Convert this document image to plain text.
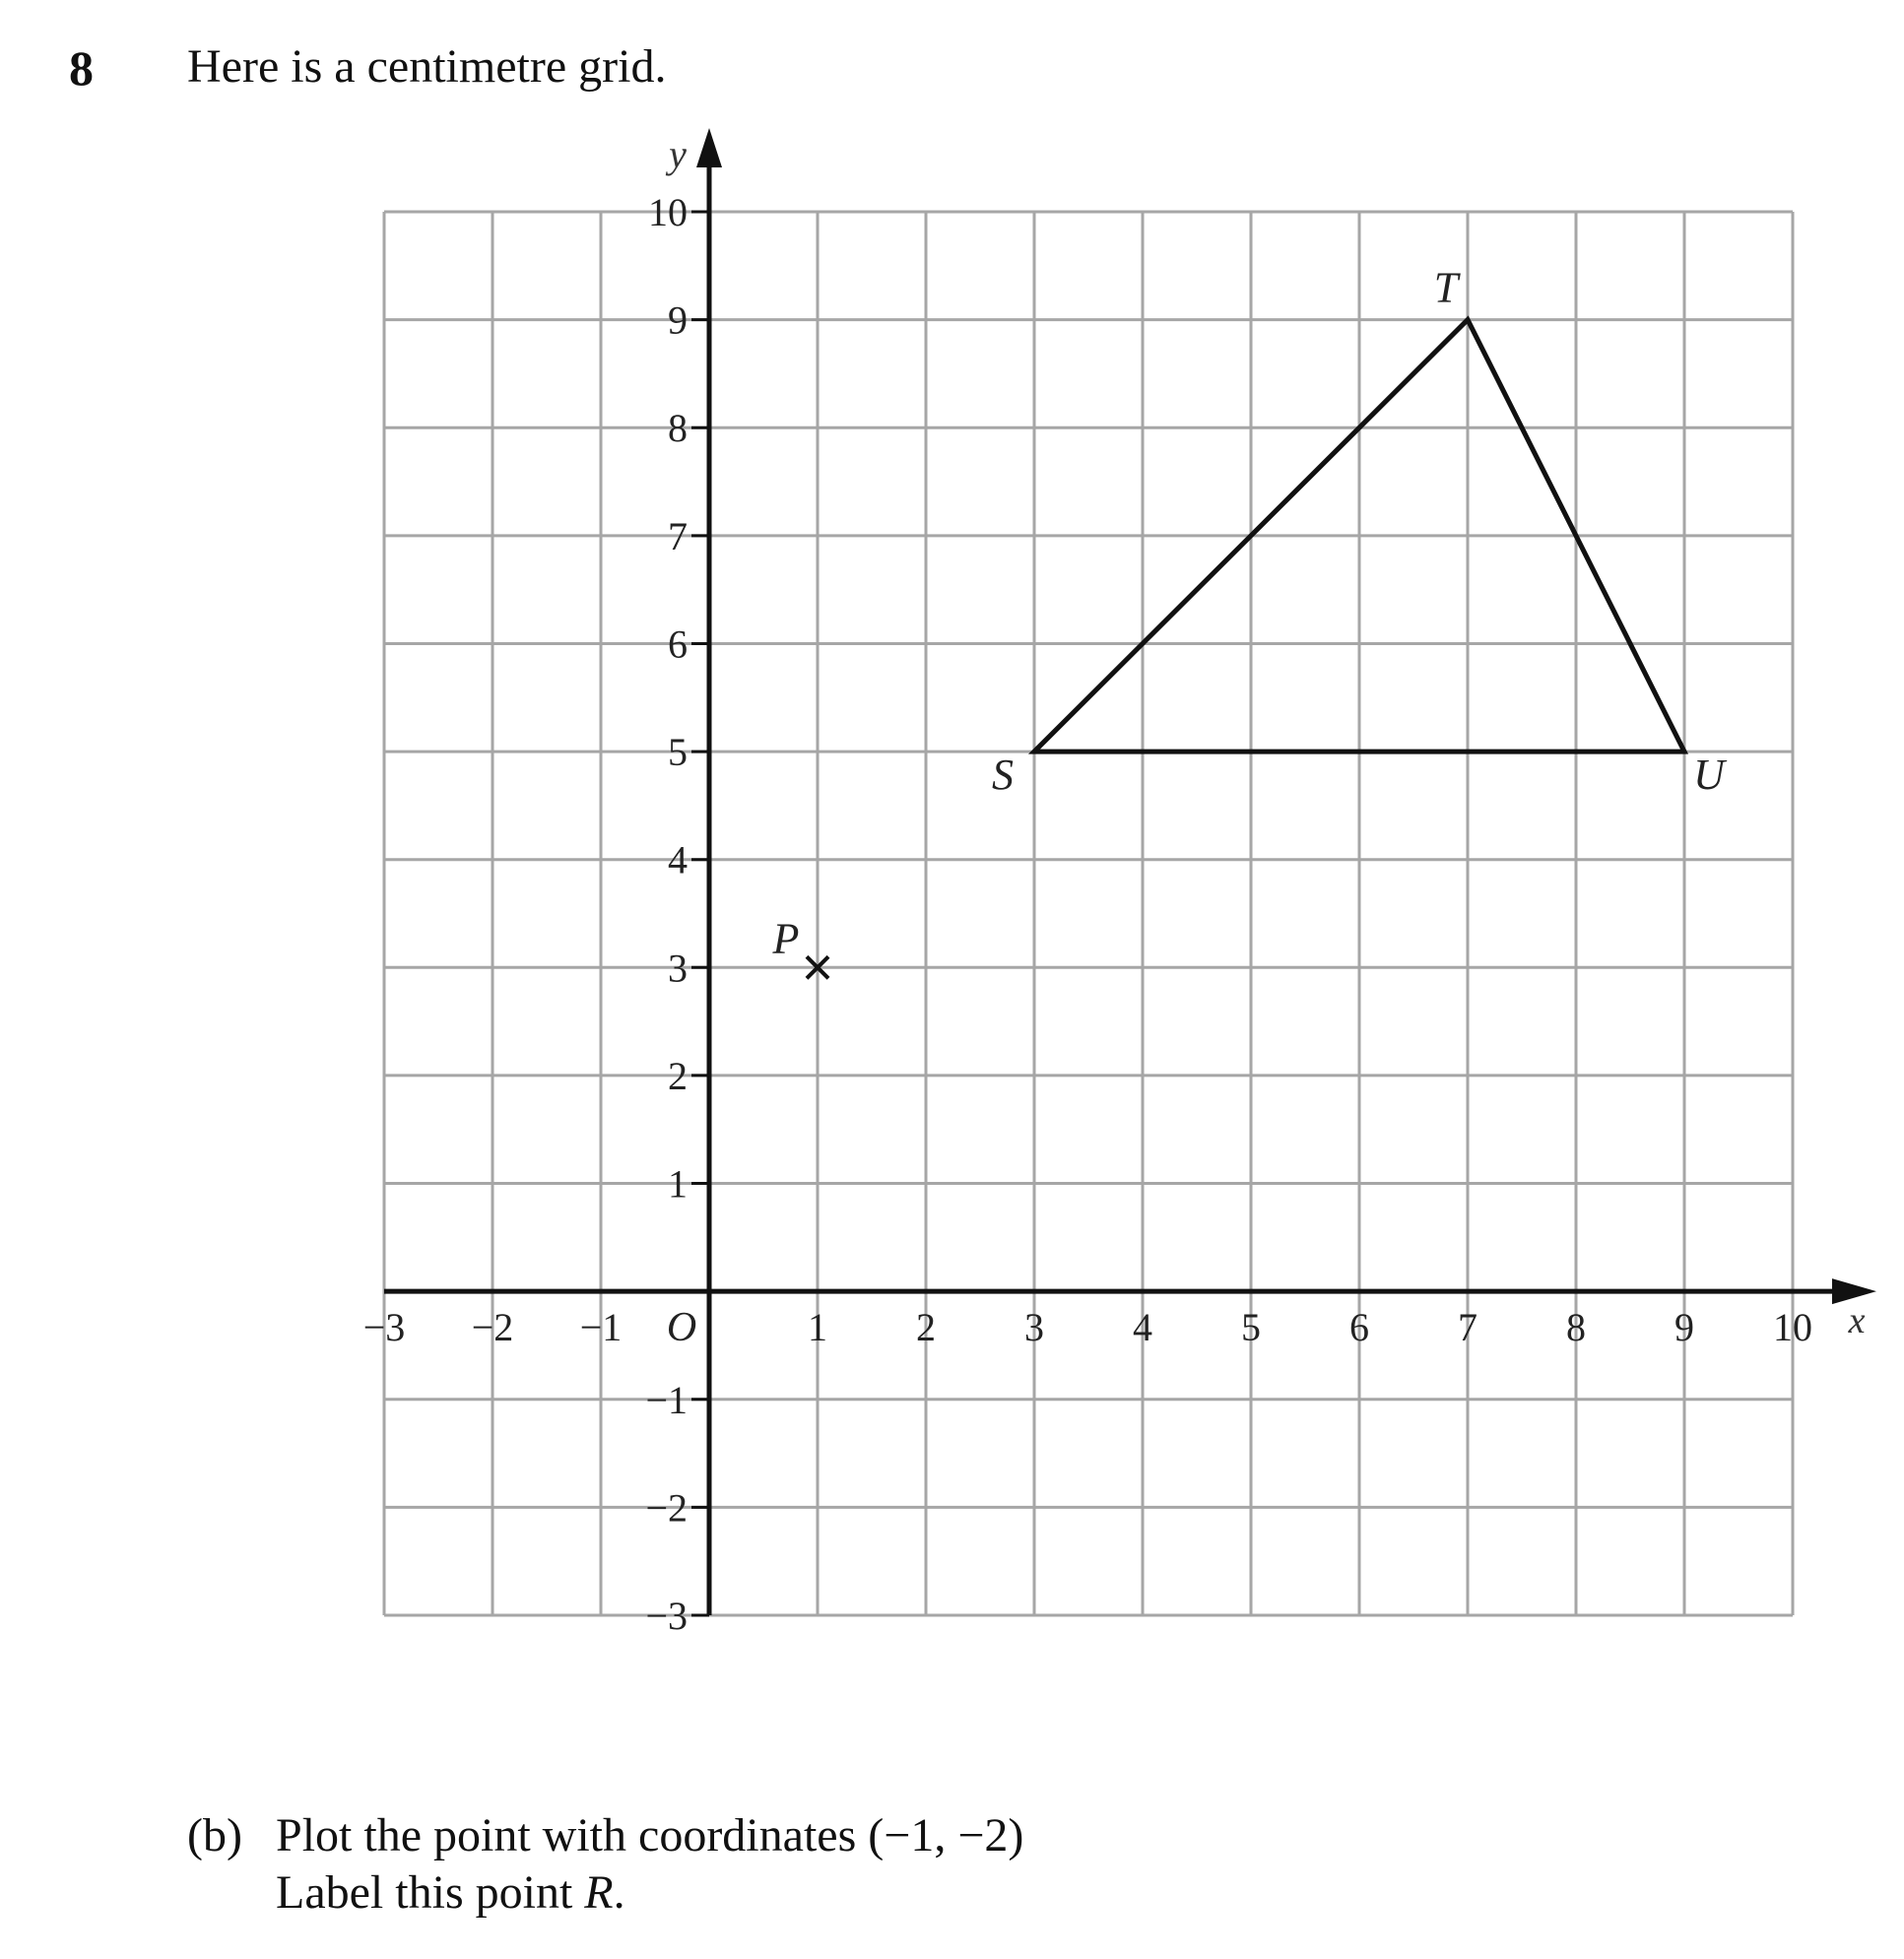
8 Here is a centimetre grid.
−3 −2 −1	1 2 3 4 5 6 7 8 9 10
10
9
8
7
6
5
4
3
2
1
−1
−2
−3
O	x
y
S
T
U
P
(b) Plot the point with coordinates (−1, −2)
Label this point R.
